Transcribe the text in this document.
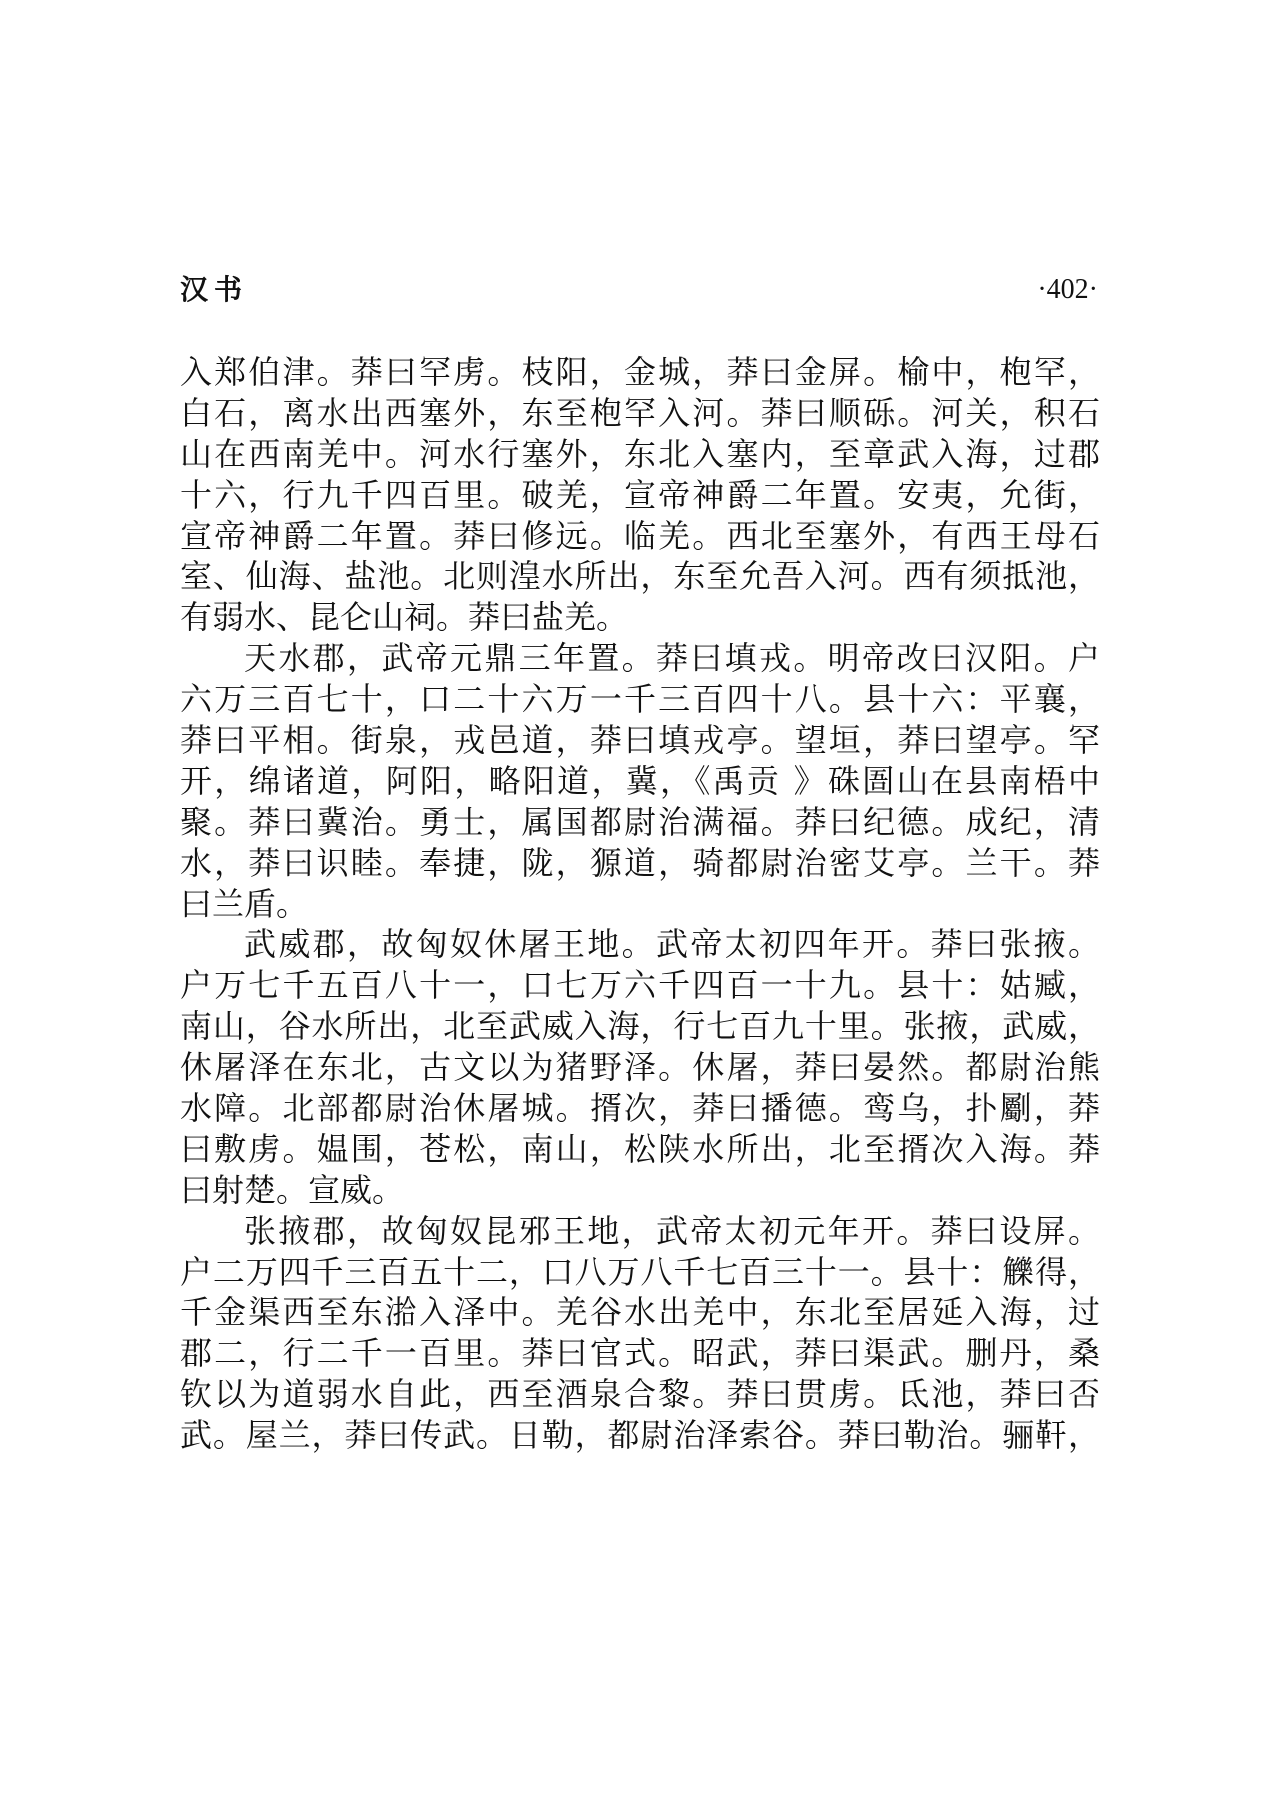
汉书	·402·
入郑伯津。莽曰罕虏。枝阳，金城，莽曰金屏。榆中，枹罕，
白石，离水出西塞外，东至枹罕入河。莽曰顺砾。河关，积石
山在西南羌中。河水行塞外，东北入塞内，至章武入海，过郡
十六，行九千四百里。破羌，宣帝神爵二年置。安夷，允街，
宣帝神爵二年置。莽曰修远。临羌。西北至塞外，有西王母石
室、仙海、盐池。北则湟水所出，东至允吾入河。西有须抵池，
有弱水、昆仑山祠。莽曰盐羌。
天水郡，武帝元鼎三年置。莽曰填戎。明帝改曰汉阳。户
六万三百七十，口二十六万一千三百四十八。县十六：平襄，
莽曰平相。街泉，戎邑道，莽曰填戎亭。望垣，莽曰望亭。罕
开，绵诸道，阿阳，略阳道，冀，《禹贡 》硃圄山在县南梧中
聚。莽曰冀治。勇士，属国都尉治满福。莽曰纪德。成纪，清
水，莽曰识睦。奉捷，陇，獂道，骑都尉治密艾亭。兰干。莽
曰兰盾。
武威郡，故匈奴休屠王地。武帝太初四年开。莽曰张掖。
户万七千五百八十一，口七万六千四百一十九。县十：姑臧，
南山，谷水所出，北至武威入海，行七百九十里。张掖，武威，
休屠泽在东北，古文以为猪野泽。休屠，莽曰晏然。都尉治熊
水障。北部都尉治休屠城。揟次，莽曰播德。鸾乌，扑劚，莽
曰敷虏。媪围，苍松，南山，松陕水所出，北至揟次入海。莽
曰射楚。宣威。
张掖郡，故匈奴昆邪王地，武帝太初元年开。莽曰设屏。
户二万四千三百五十二，口八万八千七百三十一。县十：觻得，
千金渠西至东湁入泽中。羌谷水出羌中，东北至居延入海，过
郡二，行二千一百里。莽曰官式。昭武，莽曰渠武。删丹，桑
钦以为道弱水自此，西至酒泉合黎。莽曰贯虏。氐池，莽曰否
武。屋兰，莽曰传武。日勒，都尉治泽索谷。莽曰勒治。骊靬，
